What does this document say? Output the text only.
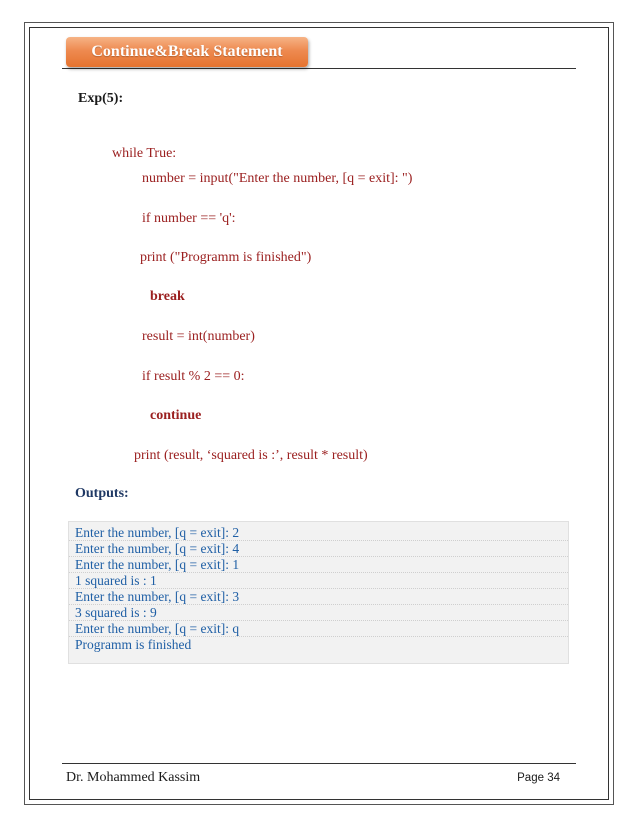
Continue&Break Statement
Exp(5):
while True:
number = input("Enter the number, [q = exit]: ")
if number == 'q':
print ("Programm is finished")
break
result = int(number)
if result % 2 == 0:
continue
print (result, ‘squared is :’, result * result)
Outputs:
Enter the number, [q = exit]: 2
Enter the number, [q = exit]: 4
Enter the number, [q = exit]: 1
1 squared is : 1
Enter the number, [q = exit]: 3
3 squared is : 9
Enter the number, [q = exit]: q
Programm is finished
Dr. Mohammed Kassim	Page 34
